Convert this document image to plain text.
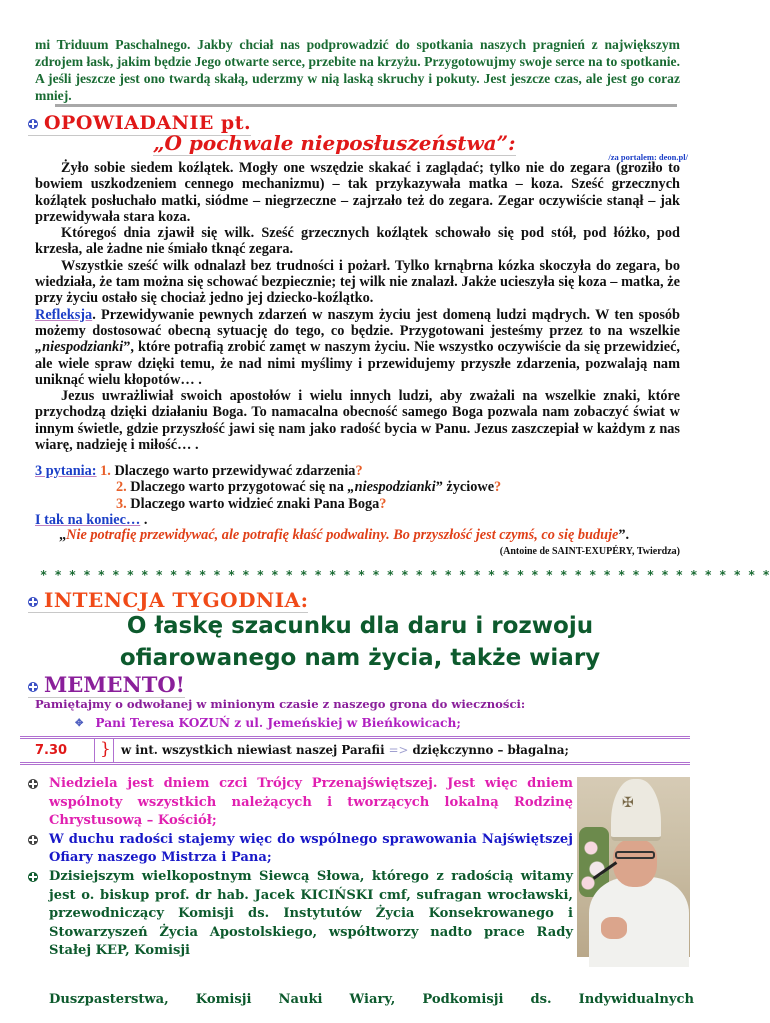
mi Triduum Paschalnego. Jakby chciał nas podprowadzić do spotkania naszych pragnień z największym zdrojem łask, jakim będzie Jego otwarte serce, przebite na krzyżu. Przygotowujmy swoje serce na to spotkanie. A jeśli jeszcze jest ono twardą skałą, uderzmy w nią laską skruchy i pokuty. Jest jeszcze czas, ale jest go coraz mniej.
OPOWIADANIE pt.
„O pochwale nieposłuszeństwa”:
/za portalem: deon.pl/

Żyło sobie siedem koźlątek. Mogły one wszędzie skakać i zaglądać; tylko nie do zegara (groziło to bowiem uszkodzeniem cennego mechanizmu) – tak przykazywała matka – koza. Sześć grzecznych koźlątek posłuchało matki, siódme – niegrzeczne – zajrzało też do zegara. Zegar oczywiście stanął – jak przewidywała stara koza.

Któregoś dnia zjawił się wilk. Sześć grzecznych koźlątek schowało się pod stół, pod łóżko, pod krzesła, ale żadne nie śmiało tknąć zegara.

Wszystkie sześć wilk odnalazł bez trudności i pożarł. Tylko krnąbrna kózka skoczyła do zegara, bo wiedziała, że tam można się schować bezpiecznie; tej wilk nie znalazł. Jakże ucieszyła się koza – matka, że przy życiu ostało się chociaż jedno jej dziecko-koźlątko.

Refleksja. Przewidywanie pewnych zdarzeń w naszym życiu jest domeną ludzi mądrych. W ten sposób możemy dostosować obecną sytuację do tego, co będzie. Przygotowani jesteśmy przez to na wszelkie „niespodzianki”, które potrafią zrobić zamęt w naszym życiu. Nie wszystko oczywiście da się przewidzieć, ale wiele spraw dzięki temu, że nad nimi myślimy i przewidujemy przyszłe zdarzenia, pozwalają nam uniknąć wielu kłopotów… .

Jezus uwrażliwiał swoich apostołów i wielu innych ludzi, aby zważali na wszelkie znaki, które przychodzą dzięki działaniu Boga. To namacalna obecność samego Boga pozwala nam zobaczyć świat w innym świetle, gdzie przyszłość jawi się nam jako radość bycia w Panu. Jezus zaszczepiał w każdym z nas wiarę, nadzieję i miłość… .

3 pytania: 1. Dlaczego warto przewidywać zdarzenia?
2. Dlaczego warto przygotować się na „niespodzianki” życiowe?
3. Dlaczego warto widzieć znaki Pana Boga?
I tak na koniec… .
„Nie potrafię przewidywać, ale potrafię kłaść podwaliny. Bo przyszłość jest czymś, co się buduje”.
(Antoine de SAINT-EXUPÉRY, Twierdza)
* * * * * * * * * * * * * * * * * * * * * * * * * * * * * * * * * * * * * * * * * * * * * * * * * * *
INTENCJA TYGODNIA:
O łaskę szacunku dla daru i rozwoju
ofiarowanego nam życia, także wiary
MEMENTO!
Pamiętajmy o odwołanej w minionym czasie z naszego grona do wieczności:
✥ Pani Teresa KOZUŃ z ul. Jemeńskiej w Bieńkowicach;
7.30 } w int. wszystkich niewiast naszej Parafii => dziękczynno – błagalna;
Niedziela jest dniem czci Trójcy Przenajświętszej. Jest więc dniem wspólnoty wszystkich należących i tworzących lokalną Rodzinę Chrystusową – Kościół;
W duchu radości stajemy więc do wspólnego sprawowania Najświętszej Ofiary naszego Mistrza i Pana;
Dzisiejszym wielkopostnym Siewcą Słowa, którego z radością witamy jest o. biskup prof. dr hab. Jacek KICIŃSKI cmf, sufragan wrocławski, przewodniczący Komisji ds. Instytutów Życia Konsekrowanego i Stowarzyszeń Życia Apostolskiego, współtworzy nadto prace Rady Stałej KEP, Komisji
Duszpasterstwa, Komisji Nauki Wiary, Podkomisji ds. Indywidualnych
✠
